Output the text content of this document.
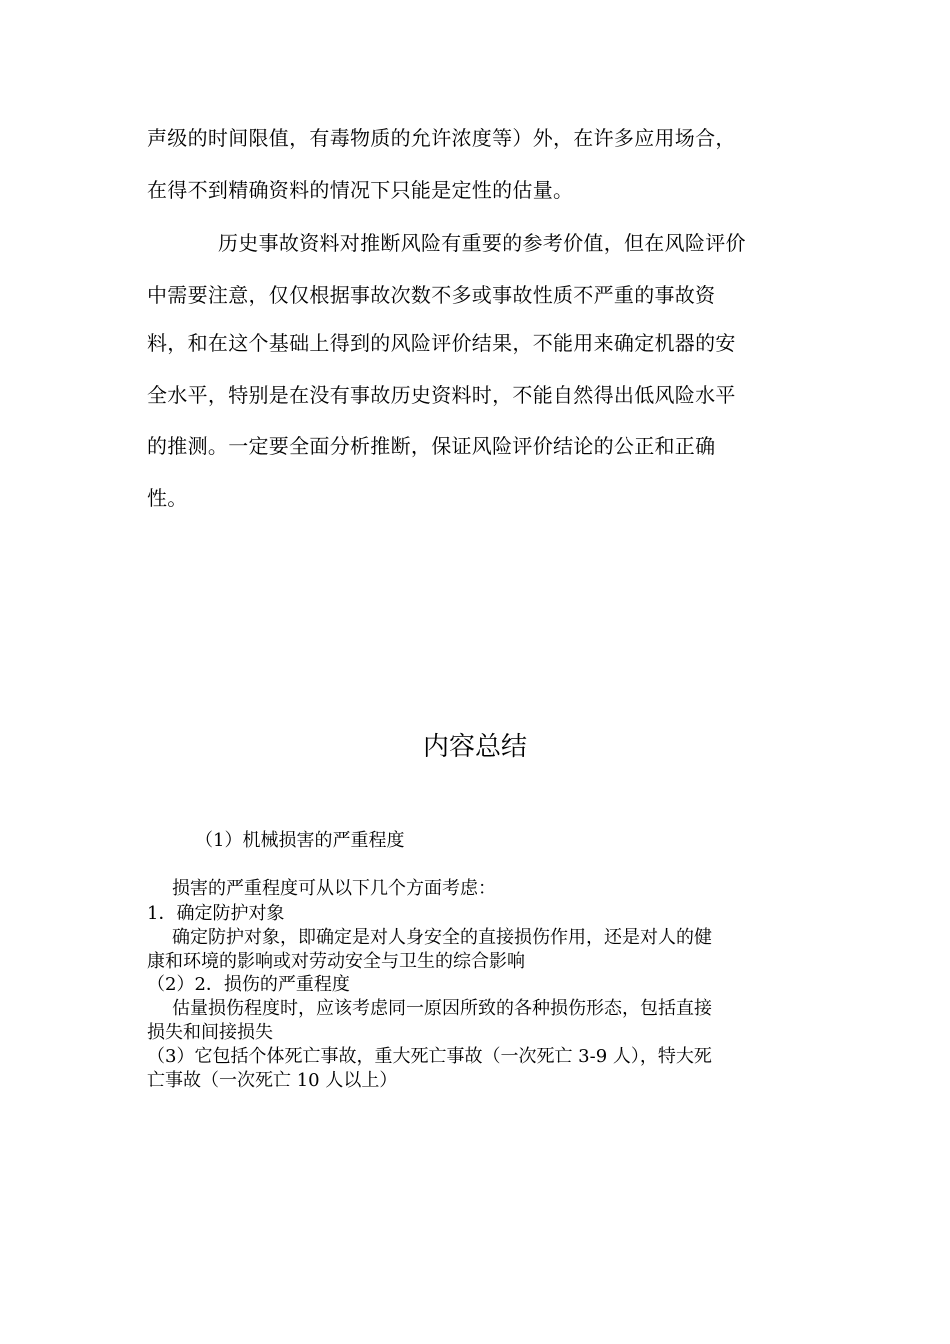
声级的时间限值，有毒物质的允许浓度等）外，在许多应用场合，
在得不到精确资料的情况下只能是定性的估量。
历史事故资料对推断风险有重要的参考价值，但在风险评价
中需要注意，仅仅根据事故次数不多或事故性质不严重的事故资
料，和在这个基础上得到的风险评价结果，不能用来确定机器的安
全水平，特别是在没有事故历史资料时，不能自然得出低风险水平
的推测。一定要全面分析推断，保证风险评价结论的公正和正确
性。
内容总结
（1）机械损害的严重程度
损害的严重程度可从以下几个方面考虑：
1．确定防护对象
确定防护对象，即确定是对人身安全的直接损伤作用，还是对人的健
康和环境的影响或对劳动安全与卫生的综合影响
（2）2．损伤的严重程度
估量损伤程度时，应该考虑同一原因所致的各种损伤形态，包括直接
损失和间接损失
（3）它包括个体死亡事故，重大死亡事故（一次死亡 3-9 人），特大死
亡事故（一次死亡 10 人以上）
